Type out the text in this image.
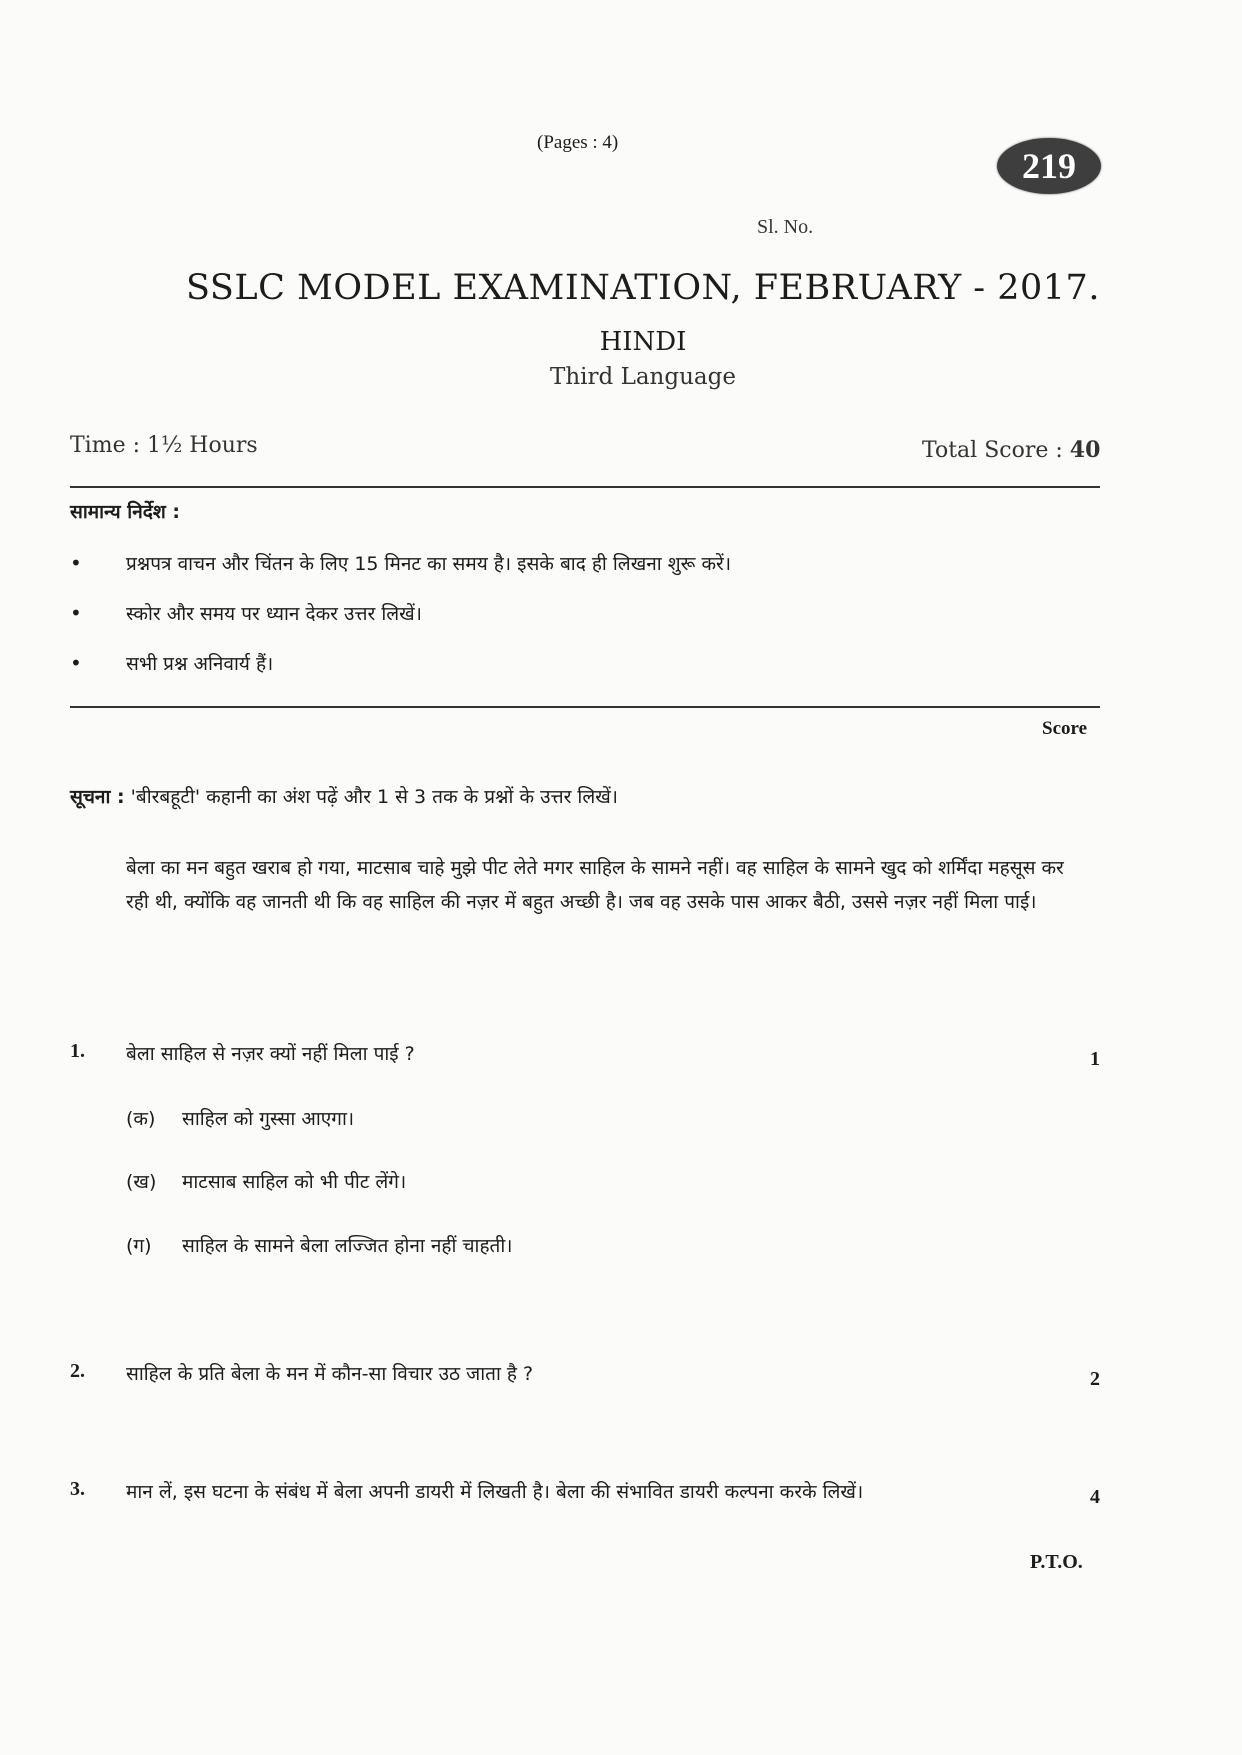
(Pages : 4)
219
Sl. No.
SSLC MODEL EXAMINATION, FEBRUARY - 2017.
HINDI
Third Language
Time : 1½ Hours	Total Score : 40
सामान्य निर्देश :
•	प्रश्नपत्र वाचन और चिंतन के लिए 15 मिनट का समय है। इसके बाद ही लिखना शुरू करें।
•	स्कोर और समय पर ध्यान देकर उत्तर लिखें।
•	सभी प्रश्न अनिवार्य हैं।
Score
सूचना : 'बीरबहूटी' कहानी का अंश पढ़ें और 1 से 3 तक के प्रश्नों के उत्तर लिखें।
बेला का मन बहुत खराब हो गया, माटसाब चाहे मुझे पीट लेते मगर साहिल के सामने नहीं। वह साहिल के सामने खुद को शर्मिंदा महसूस कर रही थी, क्योंकि वह जानती थी कि वह साहिल की नज़र में बहुत अच्छी है। जब वह उसके पास आकर बैठी, उससे नज़र नहीं मिला पाई।
1.	बेला साहिल से नज़र क्यों नहीं मिला पाई ?	1
(क)	साहिल को गुस्सा आएगा।
(ख)	माटसाब साहिल को भी पीट लेंगे।
(ग)	साहिल के सामने बेला लज्जित होना नहीं चाहती।
2.	साहिल के प्रति बेला के मन में कौन-सा विचार उठ जाता है ?	2
3.	मान लें, इस घटना के संबंध में बेला अपनी डायरी में लिखती है। बेला की संभावित डायरी कल्पना करके लिखें।	4
P.T.O.
